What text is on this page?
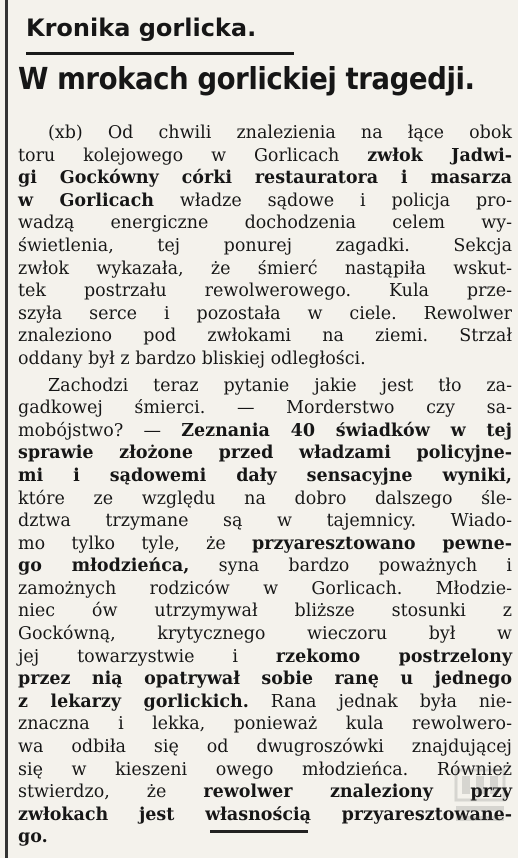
Kronika gorlicka.
W mrokach gorlickiej tragedji.
(xb) Od chwili znalezienia na łące obok
toru kolejowego w Gorlicach zwłok Jadwi-
gi Gockówny córki restauratora i masarza
w Gorlicach władze sądowe i policja pro-
wadzą energiczne dochodzenia celem wy-
świetlenia, tej ponurej zagadki. Sekcja
zwłok wykazała, że śmierć nastąpiła wskut-
tek postrzału rewolwerowego. Kula prze-
szyła serce i pozostała w ciele. Rewolwer
znaleziono pod zwłokami na ziemi. Strzał
oddany był z bardzo bliskiej odległości.
Zachodzi teraz pytanie jakie jest tło za-
gadkowej śmierci. — Morderstwo czy sa-
mobójstwo? — Zeznania 40 świadków w tej
sprawie złożone przed władzami policyjne-
mi i sądowemi dały sensacyjne wyniki,
które ze względu na dobro dalszego śle-
dztwa trzymane są w tajemnicy. Wiado-
mo tylko tyle, że przyaresztowano pewne-
go młodzieńca, syna bardzo poważnych i
zamożnych rodziców w Gorlicach. Młodzie-
niec ów utrzymywał bliższe stosunki z
Gockówną, krytycznego wieczoru był w
jej towarzystwie i rzekomo postrzelony
przez nią opatrywał sobie ranę u jednego
z lekarzy gorlickich. Rana jednak była nie-
znaczna i lekka, ponieważ kula rewolwero-
wa odbiła się od dwugroszówki znajdującej
się w kieszeni owego młodzieńca. Również
stwierdzo, że rewolwer znaleziony przy
zwłokach jest własnością przyaresztowane-
go.
